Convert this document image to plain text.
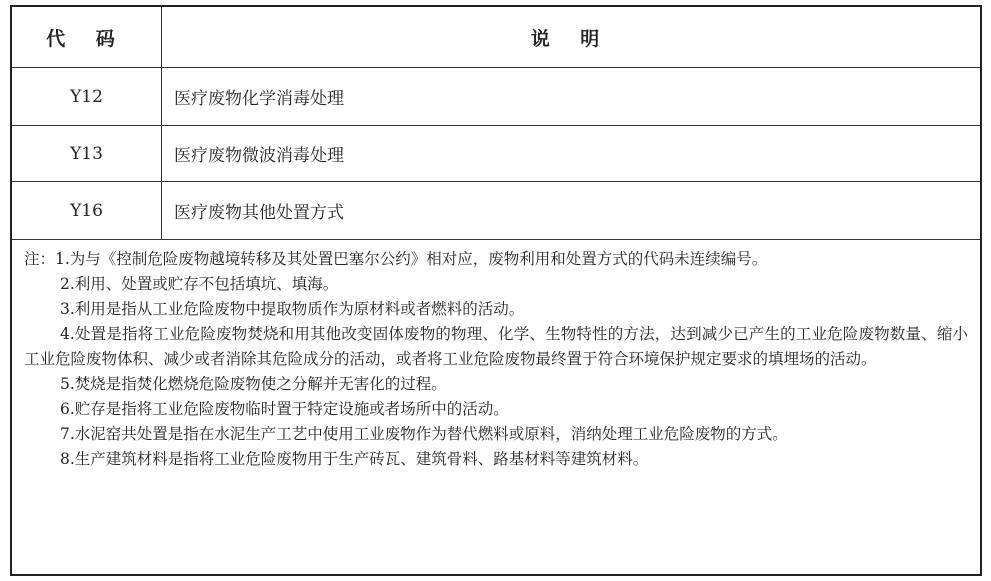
代 码	说 明
Y12	医疗废物化学消毒处理
Y13	医疗废物微波消毒处理
Y16	医疗废物其他处置方式

注：1.为与《控制危险废物越境转移及其处置巴塞尔公约》相对应，废物利用和处置方式的代码未连续编号。

2.利用、处置或贮存不包括填坑、填海。

3.利用是指从工业危险废物中提取物质作为原材料或者燃料的活动。

4.处置是指将工业危险废物焚烧和用其他改变固体废物的物理、化学、生物特性的方法，达到减少已产生的工业危险废物数量、缩小工业危险废物体积、减少或者消除其危险成分的活动，或者将工业危险废物最终置于符合环境保护规定要求的填埋场的活动。

5.焚烧是指焚化燃烧危险废物使之分解并无害化的过程。

6.贮存是指将工业危险废物临时置于特定设施或者场所中的活动。

7.水泥窑共处置是指在水泥生产工艺中使用工业废物作为替代燃料或原料，消纳处理工业危险废物的方式。

8.生产建筑材料是指将工业危险废物用于生产砖瓦、建筑骨料、路基材料等建筑材料。
